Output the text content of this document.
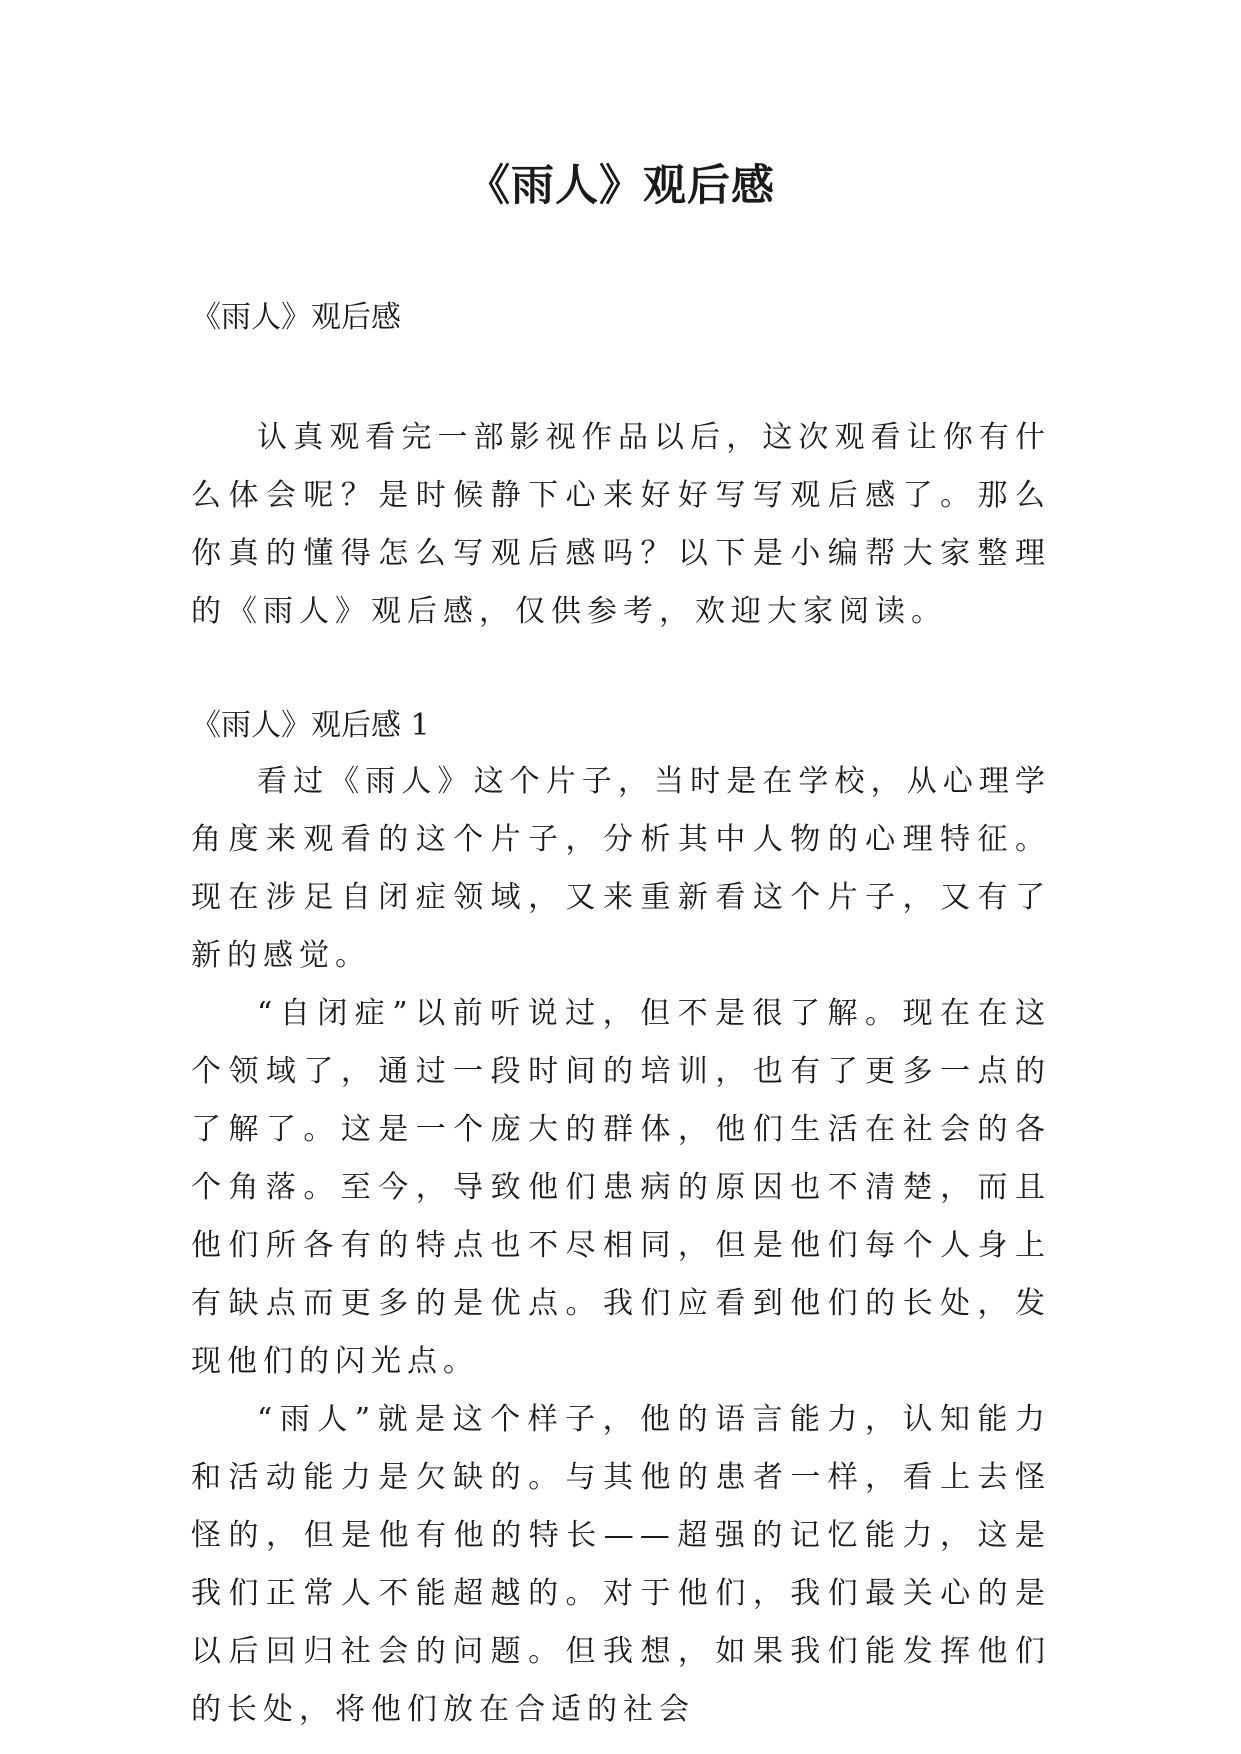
《雨人》观后感

《雨人》观后感

认真观看完一部影视作品以后，这次观看让你有什么体会呢？是时候静下心来好好写写观后感了。那么你真的懂得怎么写观后感吗？以下是小编帮大家整理的《雨人》观后感，仅供参考，欢迎大家阅读。

《雨人》观后感 1

看过《雨人》这个片子，当时是在学校，从心理学角度来观看的这个片子，分析其中人物的心理特征。现在涉足自闭症领域，又来重新看这个片子，又有了新的感觉。

“自闭症”以前听说过，但不是很了解。现在在这个领域了，通过一段时间的培训，也有了更多一点的了解了。这是一个庞大的群体，他们生活在社会的各个角落。至今，导致他们患病的原因也不清楚，而且他们所各有的特点也不尽相同，但是他们每个人身上有缺点而更多的是优点。我们应看到他们的长处，发现他们的闪光点。

“雨人”就是这个样子，他的语言能力，认知能力和活动能力是欠缺的。与其他的患者一样，看上去怪怪的，但是他有他的特长——超强的记忆能力，这是我们正常人不能超越的。对于他们，我们最关心的是以后回归社会的问题。但我想，如果我们能发挥他们的长处，将他们放在合适的社会
